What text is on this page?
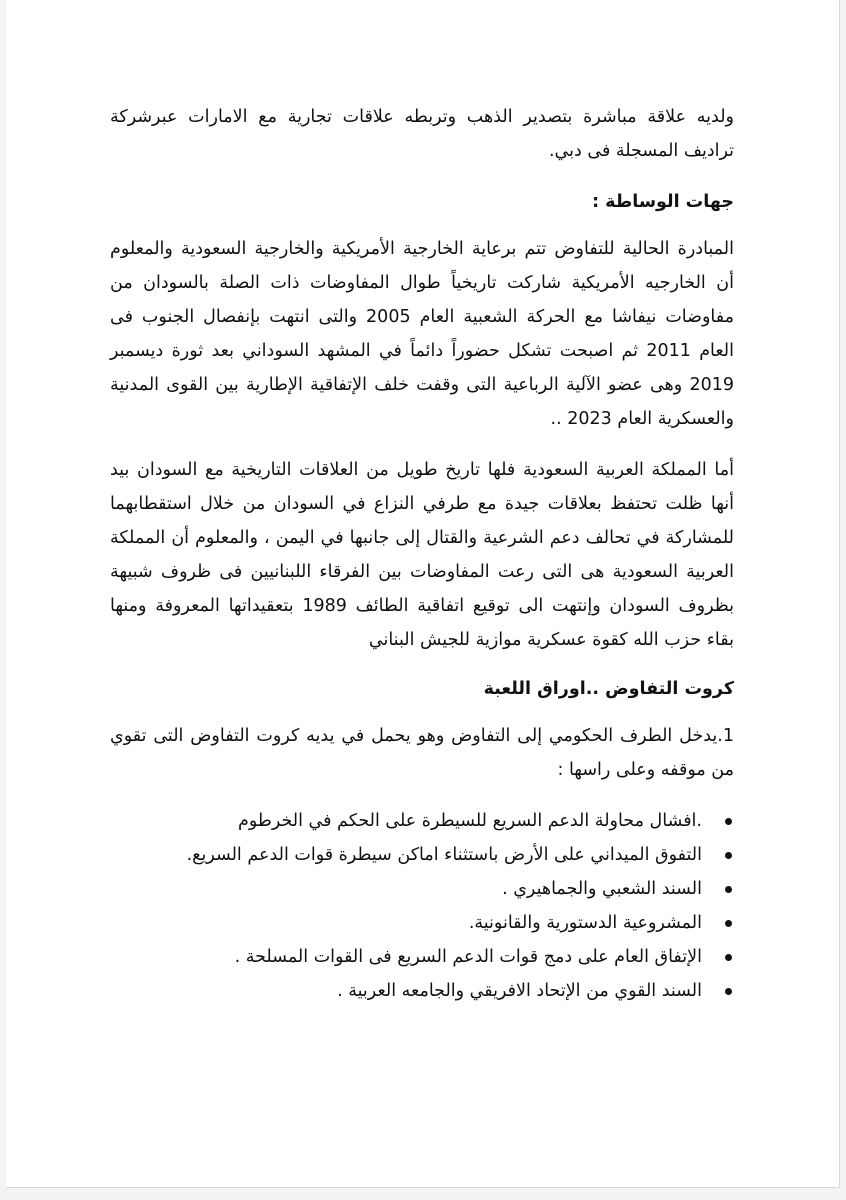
ولديه علاقة مباشرة بتصدير الذهب وتربطه علاقات تجارية مع الامارات عبرشركة تراديف المسجلة فى دبي.

جهات الوساطة :

المبادرة الحالية للتفاوض تتم برعاية الخارجية الأمريكية والخارجية السعودية والمعلوم أن الخارجيه الأمريكية شاركت تاريخياً طوال المفاوضات ذات الصلة بالسودان من مفاوضات نيفاشا مع الحركة الشعبية العام 2005 والتى انتهت بإنفصال الجنوب فى العام 2011 ثم اصبحت تشكل حضوراً دائماً في المشهد السوداني بعد ثورة ديسمبر 2019 وهى عضو الآلية الرباعية التى وقفت خلف الإتفاقية الإطارية بين القوى المدنية والعسكرية العام 2023 ..

أما المملكة العربية السعودية فلها تاريخ طويل من العلاقات التاريخية مع السودان بيد أنها ظلت تحتفظ بعلاقات جيدة مع طرفي النزاع في السودان من خلال استقطابهما للمشاركة في تحالف دعم الشرعية والقتال إلى جانبها في اليمن ، والمعلوم أن المملكة العربية السعودية هى التى رعت المفاوضات بين الفرقاء اللبنانيين فى ظروف شبيهة بظروف السودان وإنتهت الى توقيع اتفاقية الطائف 1989 بتعقيداتها المعروفة ومنها بقاء حزب الله كقوة عسكرية موازية للجيش البناني

كروت التفاوض ..اوراق اللعبة

1.يدخل الطرف الحكومي إلى التفاوض وهو يحمل في يديه كروت التفاوض التى تقوي من موقفه وعلى راسها :

.افشال محاولة الدعم السريع للسيطرة على الحكم في الخرطوم
التفوق الميداني على الأرض باستثناء اماكن سيطرة قوات الدعم السريع.
السند الشعبي والجماهيري .
المشروعية الدستورية والقانونية.
الإتفاق العام على دمج قوات الدعم السريع فى القوات المسلحة .
السند القوي من الإتحاد الافريقي والجامعه العربية .
